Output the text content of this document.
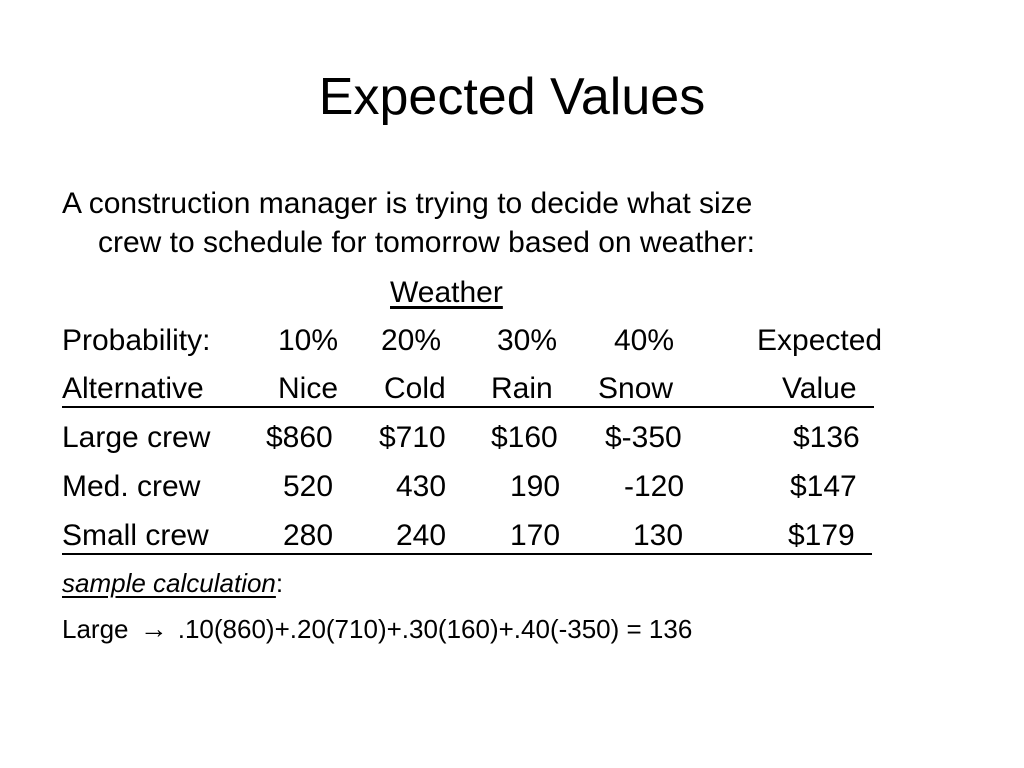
Expected Values
A construction manager is trying to decide what size
crew to schedule for tomorrow based on weather:
Weather
Probability: 10% 20% 30% 40%	Expected
Alternative Nice Cold Rain Snow	Value
Large crew $860 $710 $160 $-350	$136
Med. crew	520 430 190 -120	$147
Small crew 280 240 170 130	$179
sample calculation:
Large → .10(860)+.20(710)+.30(160)+.40(-350) = 136
